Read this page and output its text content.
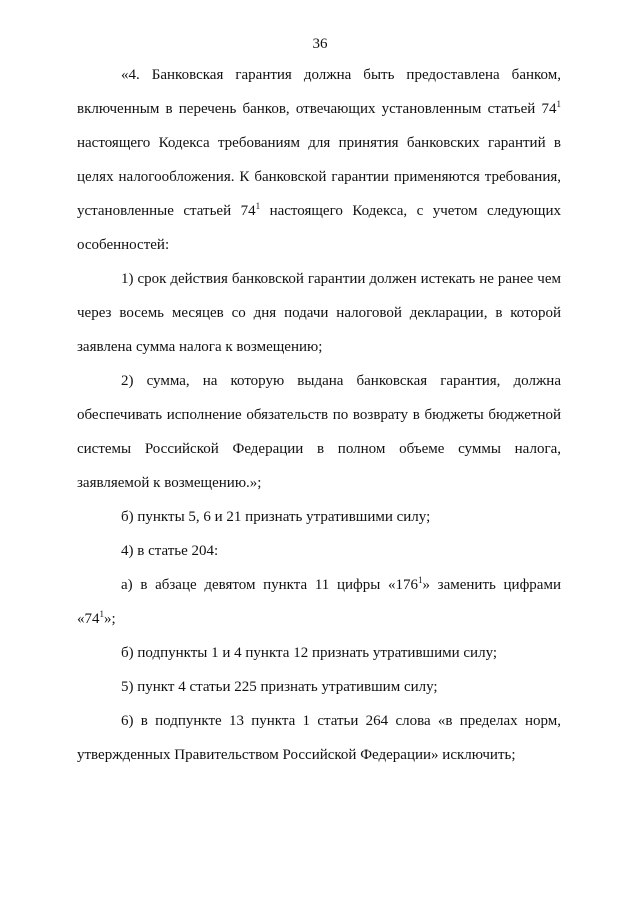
36
«4. Банковская гарантия должна быть предоставлена банком,
включенным в перечень банков, отвечающих установленным статьей $74^1$
настоящего Кодекса требованиям для принятия банковских гарантий в
целях налогообложения. К банковской гарантии применяются требования,
установленные статьей $74^1$ настоящего Кодекса, с учетом следующих
особенностей:
1) срок действия банковской гарантии должен истекать не ранее чем
через восемь месяцев со дня подачи налоговой декларации, в которой
заявлена сумма налога к возмещению;
2) сумма, на которую выдана банковская гарантия, должна
обеспечивать исполнение обязательств по возврату в бюджеты бюджетной
системы Российской Федерации в полном объеме суммы налога,
заявляемой к возмещению.»;
б) пункты 5, 6 и 21 признать утратившими силу;
4) в статье 204:
а) в абзаце девятом пункта 11 цифры «$176^1$» заменить цифрами
«$74^1$»;
б) подпункты 1 и 4 пункта 12 признать утратившими силу;
5) пункт 4 статьи 225 признать утратившим силу;
6) в подпункте 13 пункта 1 статьи 264 слова «в пределах норм,
утвержденных Правительством Российской Федерации» исключить;
